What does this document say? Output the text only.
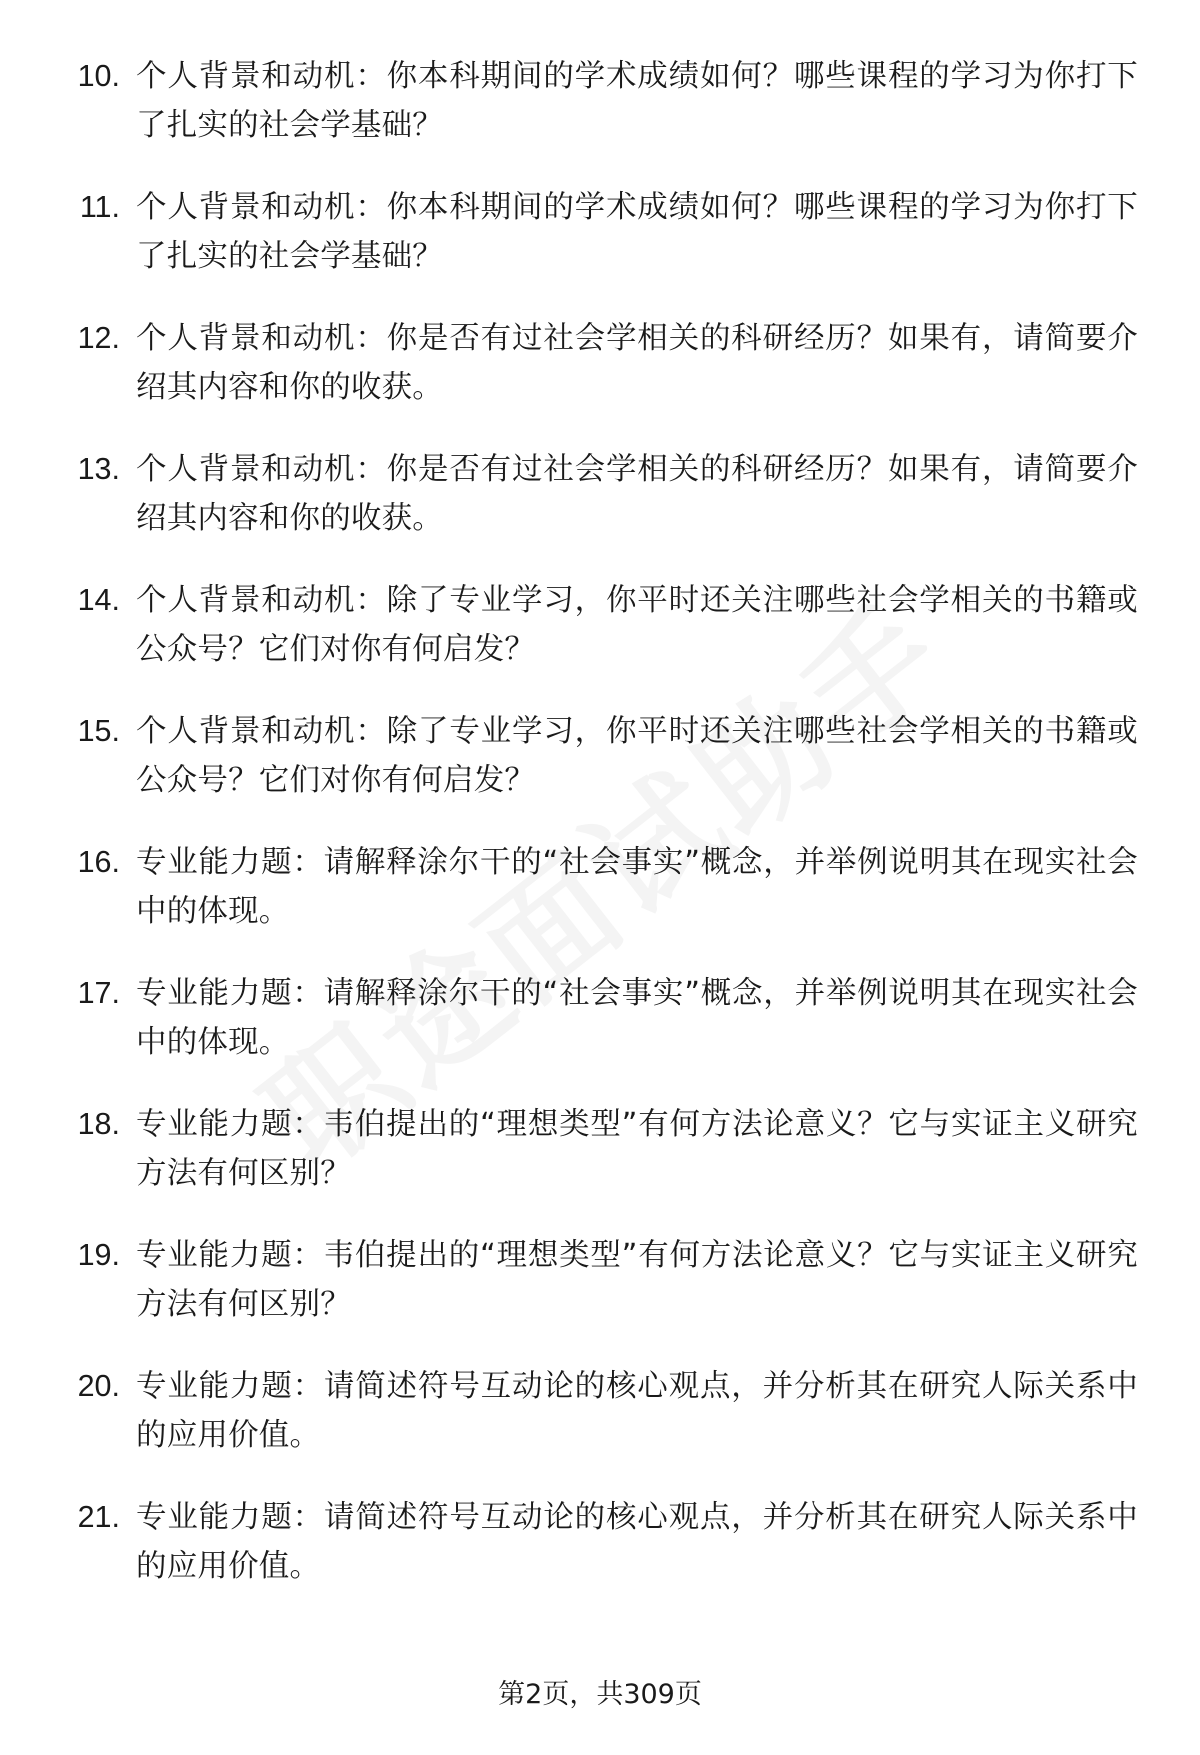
10. 个人背景和动机：你本科期间的学术成绩如何？哪些课程的学习为你打下了扎实的社会学基础？
11. 个人背景和动机：你本科期间的学术成绩如何？哪些课程的学习为你打下了扎实的社会学基础？
12. 个人背景和动机：你是否有过社会学相关的科研经历？如果有，请简要介绍其内容和你的收获。
13. 个人背景和动机：你是否有过社会学相关的科研经历？如果有，请简要介绍其内容和你的收获。
14. 个人背景和动机：除了专业学习，你平时还关注哪些社会学相关的书籍或公众号？它们对你有何启发？
15. 个人背景和动机：除了专业学习，你平时还关注哪些社会学相关的书籍或公众号？它们对你有何启发？
16. 专业能力题：请解释涂尔干的“社会事实”概念，并举例说明其在现实社会中的体现。
17. 专业能力题：请解释涂尔干的“社会事实”概念，并举例说明其在现实社会中的体现。
18. 专业能力题：韦伯提出的“理想类型”有何方法论意义？它与实证主义研究方法有何区别？
19. 专业能力题：韦伯提出的“理想类型”有何方法论意义？它与实证主义研究方法有何区别？
20. 专业能力题：请简述符号互动论的核心观点，并分析其在研究人际关系中的应用价值。
21. 专业能力题：请简述符号互动论的核心观点，并分析其在研究人际关系中的应用价值。
第2页，共309页
